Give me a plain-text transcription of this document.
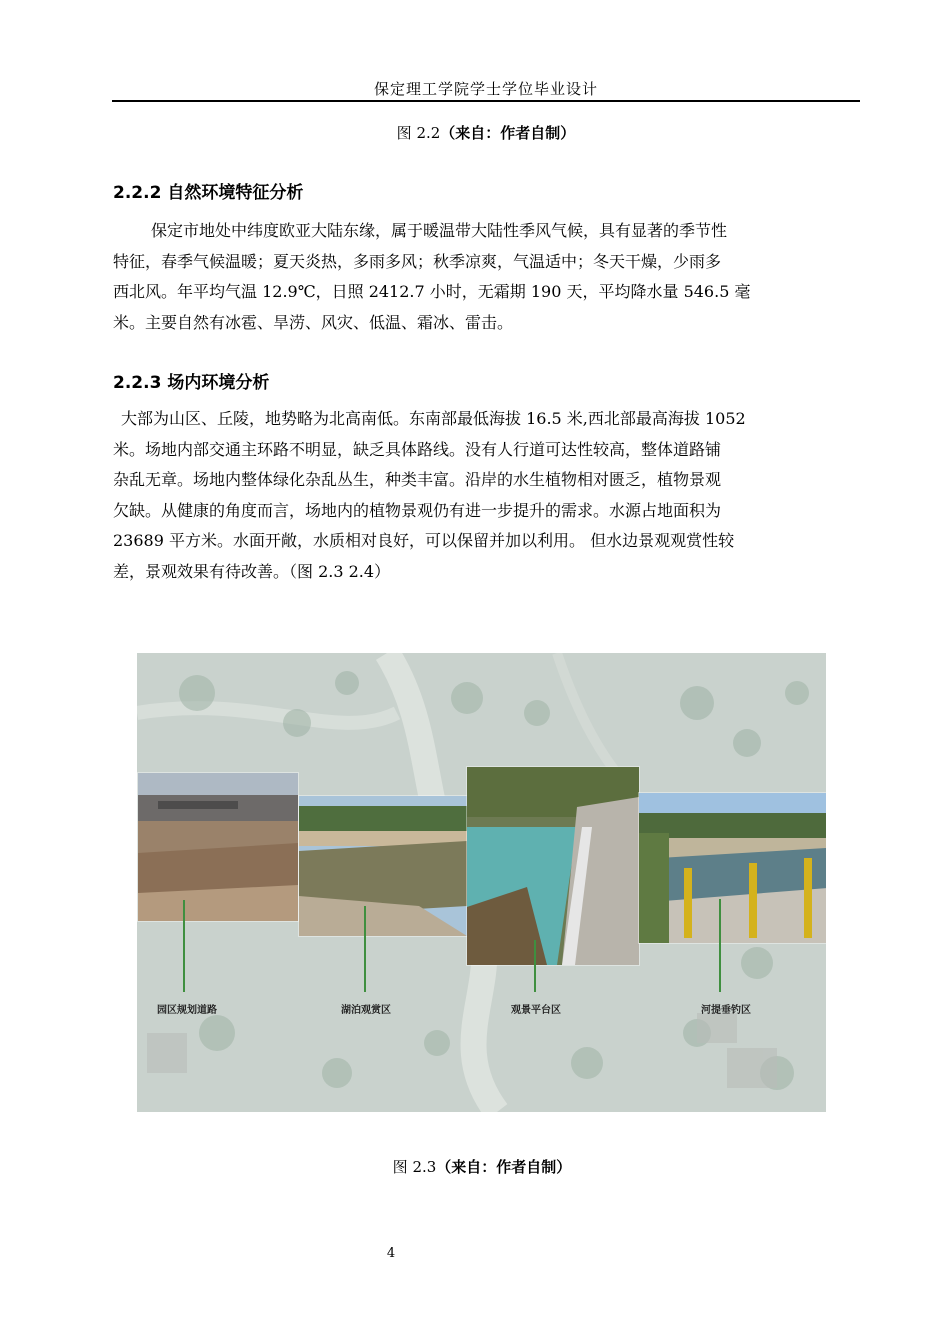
保定理工学院学士学位毕业设计
图 2.2（来自：作者自制）
2.2.2 自然环境特征分析
保定市地处中纬度欧亚大陆东缘，属于暖温带大陆性季风气候，具有显著的季节性
特征，春季气候温暖；夏天炎热，多雨多风；秋季凉爽，气温适中；冬天干燥，少雨多
西北风。年平均气温 12.9℃，日照 2412.7 小时，无霜期 190 天，平均降水量 546.5 毫
米。主要自然有冰雹、旱涝、风灾、低温、霜冰、雷击。
2.2.3 场内环境分析
大部为山区、丘陵，地势略为北高南低。东南部最低海拔 16.5 米,西北部最高海拔 1052
米。场地内部交通主环路不明显，缺乏具体路线。没有人行道可达性较高，整体道路铺
杂乱无章。场地内整体绿化杂乱丛生，种类丰富。沿岸的水生植物相对匮乏，植物景观
欠缺。从健康的角度而言，场地内的植物景观仍有进一步提升的需求。水源占地面积为
23689 平方米。水面开敞，水质相对良好，可以保留并加以利用。 但水边景观观赏性较
差，景观效果有待改善。（图 2.3 2.4）
园区规划道路	湖泊观赏区	观景平台区	河提垂钓区
图 2.3（来自：作者自制）
4
